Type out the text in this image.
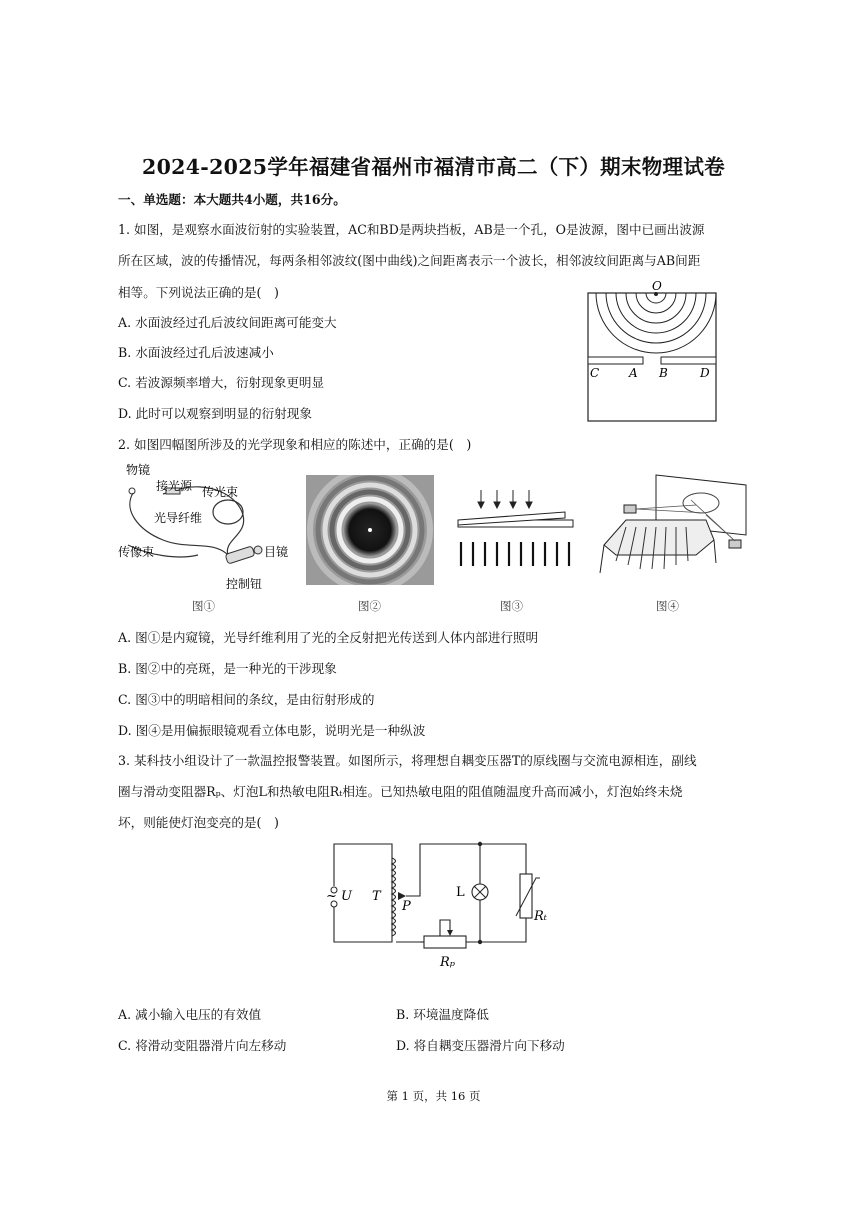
2024-2025学年福建省福州市福清市高二（下）期末物理试卷
一、单选题：本大题共4小题，共16分。
1. 如图，是观察水面波衍射的实验装置，AC和BD是两块挡板，AB是一个孔，O是波源，图中已画出波源
所在区域，波的传播情况，每两条相邻波纹(图中曲线)之间距离表示一个波长，相邻波纹间距离与AB间距
相等。下列说法正确的是(　)
A. 水面波经过孔后波纹间距离可能变大
B. 水面波经过孔后波速减小
C. 若波源频率增大，衍射现象更明显
D. 此时可以观察到明显的衍射现象
O
C A B	D
2. 如图四幅图所涉及的光学现象和相应的陈述中，正确的是(　)
物镜
接光源 传光束
光导纤维
传像束	目镜
控制钮
图①	图②	图③	图④
A. 图①是内窥镜，光导纤维利用了光的全反射把光传送到人体内部进行照明
B. 图②中的亮斑，是一种光的干涉现象
C. 图③中的明暗相间的条纹，是由衍射形成的
D. 图④是用偏振眼镜观看立体电影，说明光是一种纵波
3. 某科技小组设计了一款温控报警装置。如图所示，将理想自耦变压器T的原线圈与交流电源相连，副线
圈与滑动变阻器Rₚ、灯泡L和热敏电阻Rₜ相连。已知热敏电阻的阻值随温度升高而减小，灯泡始终未烧
坏，则能使灯泡变亮的是(　)
~ U T
P
L
Rₜ
Rₚ
A. 减小输入电压的有效值	B. 环境温度降低
C. 将滑动变阻器滑片向左移动	D. 将自耦变压器滑片向下移动
第 1 页，共 16 页
